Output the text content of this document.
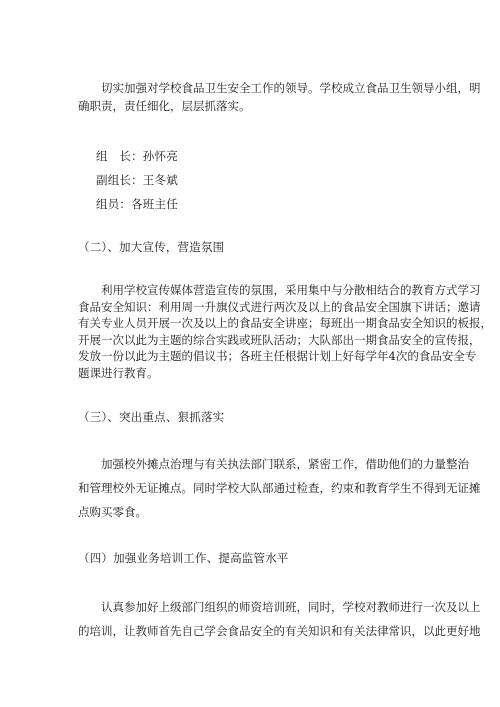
切实加强对学校食品卫生安全工作的领导。学校成立食品卫生领导小组，明
确职责，责任细化，层层抓落实。
组　长：孙怀亮
副组长：王冬斌
组员：各班主任
（二）、加大宣传，营造氛围
利用学校宣传媒体营造宣传的氛围，采用集中与分散相结合的教育方式学习
食品安全知识：利用周一升旗仪式进行两次及以上的食品安全国旗下讲话；邀请
有关专业人员开展一次及以上的食品安全讲座；每班出一期食品安全知识的板报，
开展一次以此为主题的综合实践或班队活动；大队部出一期食品安全的宣传报，
发放一份以此为主题的倡议书；各班主任根据计划上好每学年4次的食品安全专
题课进行教育。
（三）、突出重点、狠抓落实
加强校外摊点治理与有关执法部门联系，紧密工作，借助他们的力量整治
和管理校外无证摊点。同时学校大队部通过检查，约束和教育学生不得到无证摊
点购买零食。
（四）加强业务培训工作、提高监管水平
认真参加好上级部门组织的师资培训班，同时，学校对教师进行一次及以上
的培训，让教师首先自己学会食品安全的有关知识和有关法律常识，以此更好地
